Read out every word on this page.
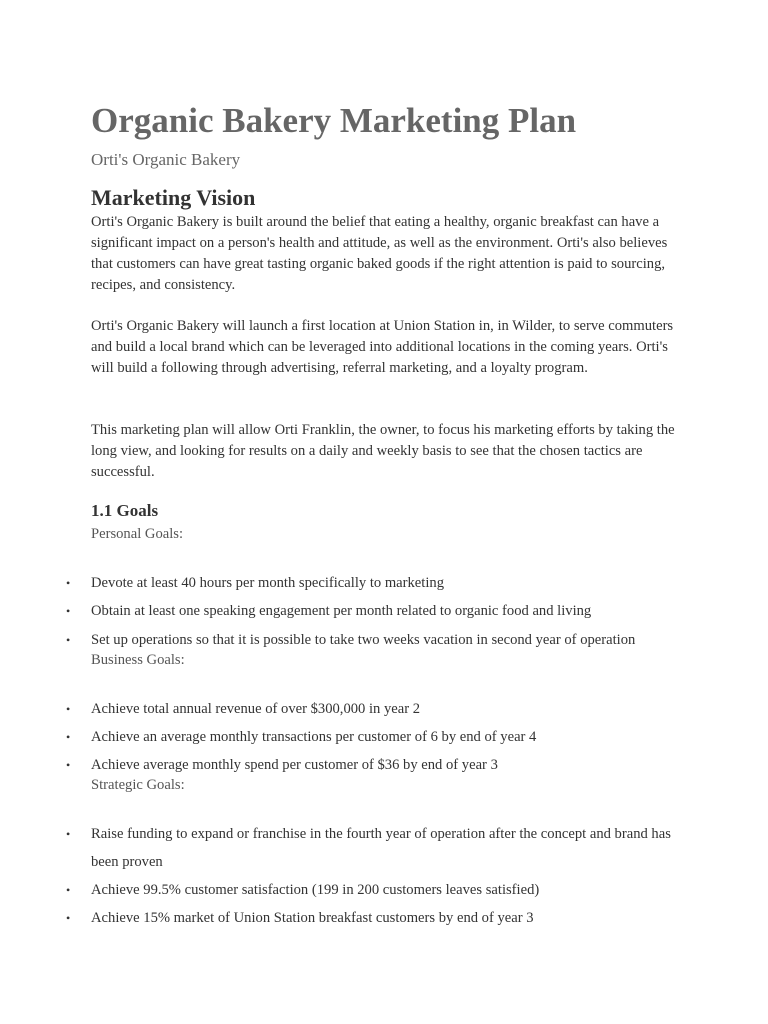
Organic Bakery Marketing Plan
Orti's Organic Bakery
Marketing Vision

Orti's Organic Bakery is built around the belief that eating a healthy, organic breakfast can have a significant impact on a person's health and attitude, as well as the environment. Orti's also believes that customers can have great tasting organic baked goods if the right attention is paid to sourcing, recipes, and consistency.

Orti's Organic Bakery will launch a first location at Union Station in, in Wilder, to serve commuters and build a local brand which can be leveraged into additional locations in the coming years. Orti's will build a following through advertising, referral marketing, and a loyalty program.

This marketing plan will allow Orti Franklin, the owner, to focus his marketing efforts by taking the long view, and looking for results on a daily and weekly basis to see that the chosen tactics are successful.

1.1 Goals
Personal Goals:
• Devote at least 40 hours per month specifically to marketing
• Obtain at least one speaking engagement per month related to organic food and living
• Set up operations so that it is possible to take two weeks vacation in second year of operation
Business Goals:
• Achieve total annual revenue of over $300,000 in year 2
• Achieve an average monthly transactions per customer of 6 by end of year 4
• Achieve average monthly spend per customer of $36 by end of year 3
Strategic Goals:
• Raise funding to expand or franchise in the fourth year of operation after the concept and brand has been proven
• Achieve 99.5% customer satisfaction (199 in 200 customers leaves satisfied)
• Achieve 15% market of Union Station breakfast customers by end of year 3
